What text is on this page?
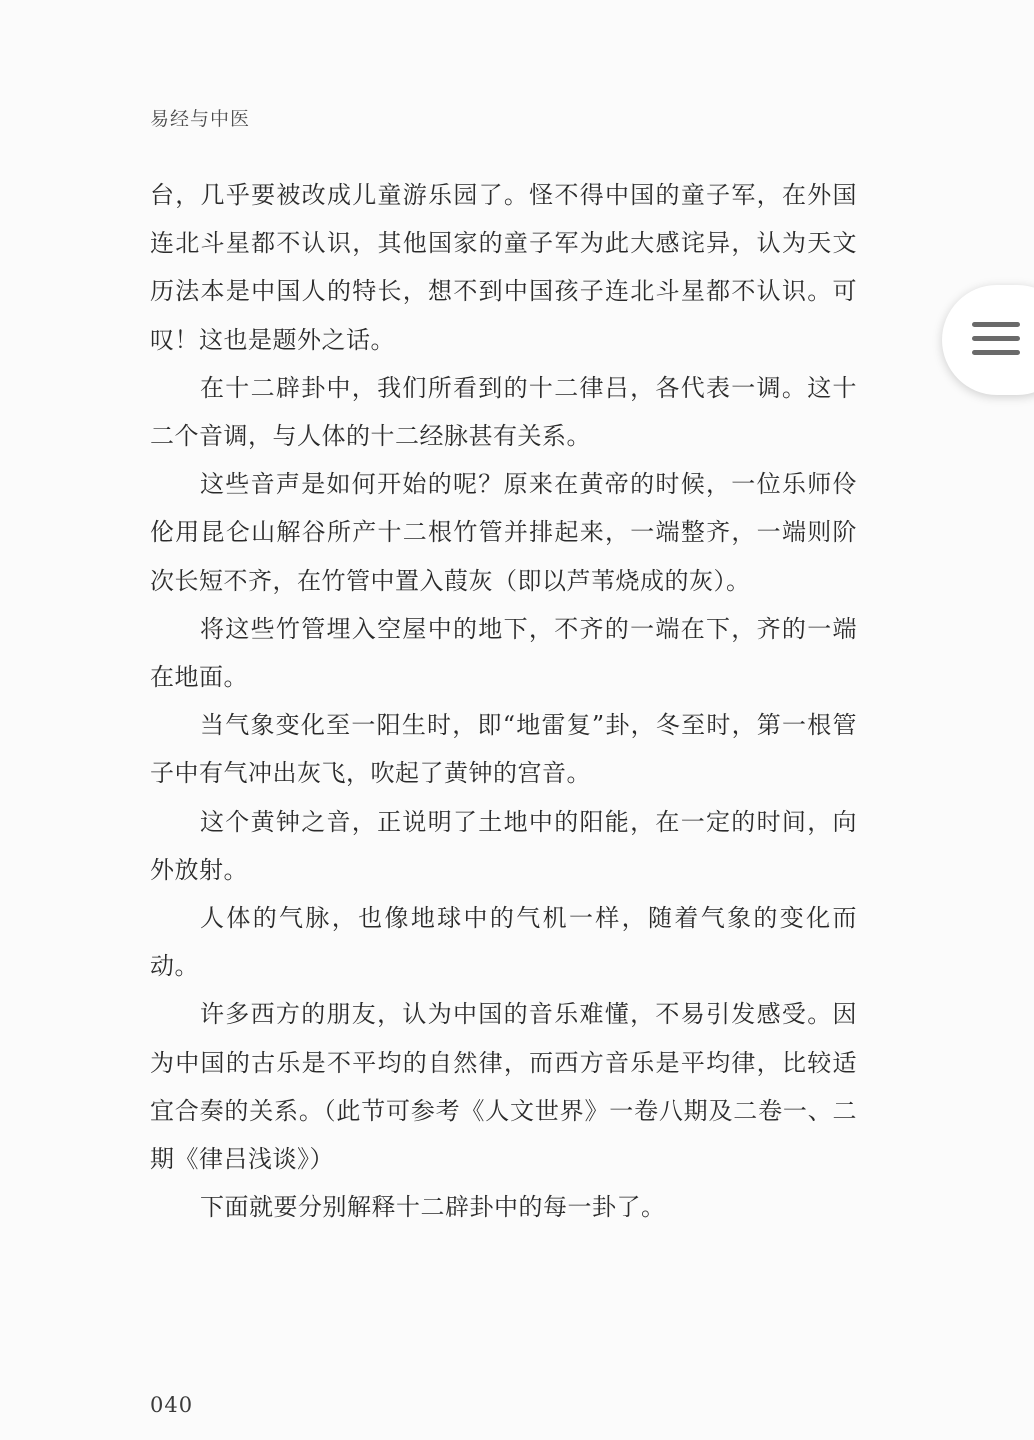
易经与中医

台，几乎要被改成儿童游乐园了。怪不得中国的童子军，在外国连北斗星都不认识，其他国家的童子军为此大感诧异，认为天文历法本是中国人的特长，想不到中国孩子连北斗星都不认识。可叹！这也是题外之话。

在十二辟卦中，我们所看到的十二律吕，各代表一调。这十二个音调，与人体的十二经脉甚有关系。

这些音声是如何开始的呢？原来在黄帝的时候，一位乐师伶伦用昆仑山解谷所产十二根竹管并排起来，一端整齐，一端则阶次长短不齐，在竹管中置入葭灰（即以芦苇烧成的灰）。

将这些竹管埋入空屋中的地下，不齐的一端在下，齐的一端在地面。

当气象变化至一阳生时，即“地雷复”卦，冬至时，第一根管子中有气冲出灰飞，吹起了黄钟的宫音。

这个黄钟之音，正说明了土地中的阳能，在一定的时间，向外放射。

人体的气脉，也像地球中的气机一样，随着气象的变化而动。

许多西方的朋友，认为中国的音乐难懂，不易引发感受。因为中国的古乐是不平均的自然律，而西方音乐是平均律，比较适宜合奏的关系。（此节可参考《人文世界》一卷八期及二卷一、二期《律吕浅谈》）

下面就要分别解释十二辟卦中的每一卦了。

040
